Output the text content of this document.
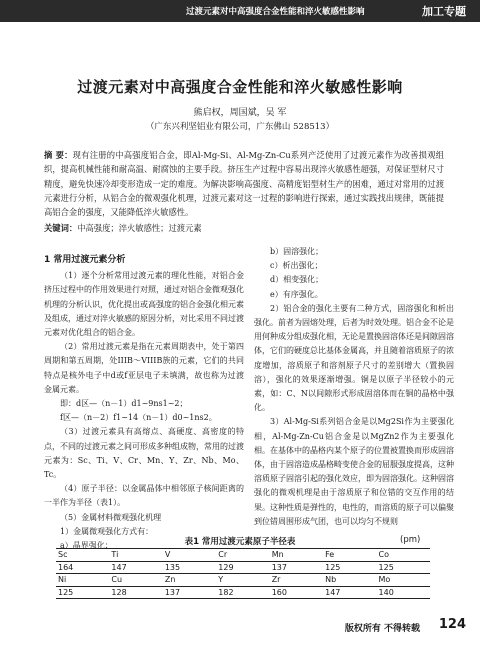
过渡元素对中高强度合金性能和淬火敏感性影响	加工专题
过渡元素对中高强度合金性能和淬火敏感性影响
熊启权，周国斌，吴 军
（广东兴利坚铝业有限公司，广东佛山 528513）
摘 要：现有注册的中高强度铝合金，即Al-Mg-Si、Al-Mg-Zn-Cu系列产泛使用了过渡元素作为改善损观组织，提高机械性能和耐高温、耐腐蚀的主要手段。挤压生产过程中容易出现淬火敏感性超强，对保证型材尺寸精度，避免快速冷却变形造成一定的难度。为解决影响高强度、高精度铝型材生产的困难，通过对常用的过渡元素进行分析，从铝合金的微观强化机理，过渡元素对这一过程的影响进行探索，通过实践找出规律，既能提高铝合金的强度，又能降低淬火敏感性。
关键词：中高强度；淬火敏感性；过渡元素

1 常用过渡元素分析

（1）逐个分析常用过渡元素的理化性能，对铝合金挤压过程中的作用效果进行对照，通过对铝合金微观强化机理的分析认识，优化提出或高强度的铝合金强化相元素及组成，通过对淬火敏感的原因分析，对比采用不同过渡元素对优化组合的铝合金。

（2）常用过渡元素是指在元素周期表中，处于第四周期和第五周期，处IIIB～VIIIB族的元素，它们的共同特点是核外电子中d或f亚层电子未填满，故也称为过渡金属元素。

即：d区—（n－1）d1~9ns1~2；

f区—（n－2）f1~14（n－1）d0~1ns2。

（3）过渡元素具有高熔点、高硬度、高密度的特点，不同的过渡元素之间可形成多种组成物，常用的过渡元素为：Sc、Ti、V、Cr、Mn、Y、Zr、Nb、Mo、Tc。

（4）原子半径：以金属晶体中相邻原子核间距离的一半作为半径（表1）。

（5）金属材料微观强化机理

1）金属微观强化方式有：

a）晶界强化；

b）固溶强化；

c）析出强化；

d）相变强化；

e）有序强化。

2）铝合金的强化主要有二种方式，固溶强化和析出强化。前者为固熔处理，后者为时效处理。铝合金不论是用何种成分组成强化相，无论是置换固溶体还是间隙固溶体，它们的硬度总比基体金属高，并且随着溶质原子的浓度增加，溶质原子和溶剂原子尺寸的差别增大（置换固溶），强化的效果逐渐增强。铜是以原子半径较小的元素，如：C、N以间隙形式形成固溶体而在铜的晶格中强化。

3）Al-Mg-Si系列铝合金是以Mg2Si作为主要强化相，Al-Mg-Zn-Cu铝合金是以MgZn2作为主要强化相。在基体中的晶格内某个原子的位置被置换而形成固溶体，由于固溶造成晶格畸变使合金的屈服强度提高，这种溶质原子固溶引起的强化效应，即为固溶强化。这种固溶强化的微观机理是由于溶质原子和位错的交互作用的结果。这种性质是弹性的，电性的，而溶质的原子可以偏聚到位错周围形成气团，也可以均匀不规则

表1 常用过渡元素原子半径表	(pm)
Sc	Ti	V	Cr	Mn	Fe	Co
164	147	135	129	137	125	125
Ni	Cu	Zn	Y	Zr	Nb	Mo
125	128	137	182	160	147	140
版权所有 不得转载 124
